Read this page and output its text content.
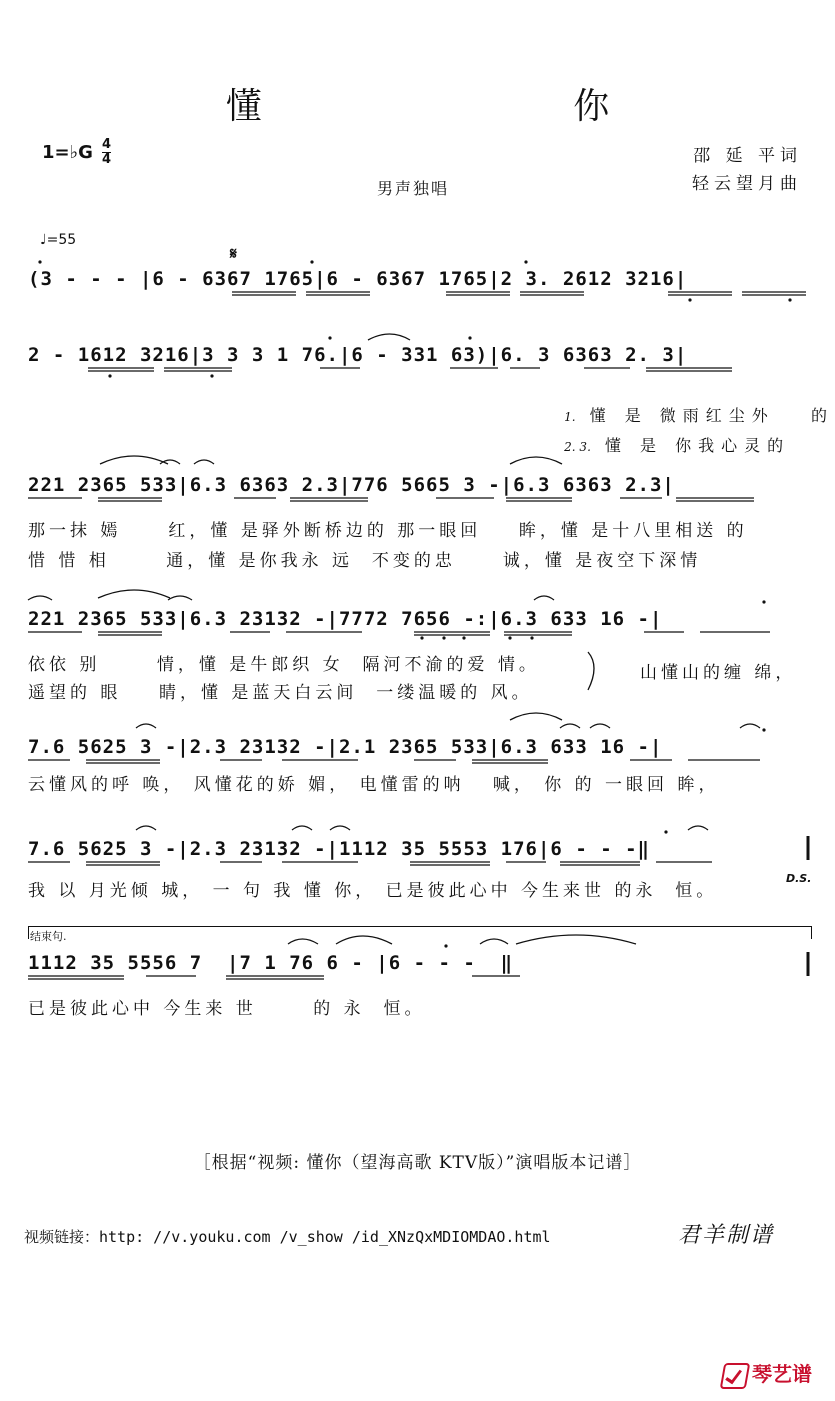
懂 你
1=♭G 4
4	邵 延 平词
轻云望月曲
男声独唱
♩=55
𝄋
(3 - - - |6 - 6367 1765|6 - 6367 1765|2 3. 2612 3216|
2 - 1612 3216|3 3 3 1 76.|6 - 331 63)|6. 3 6363 2. 3|

1. 懂 是 微雨红尘外   的

2. 3. 懂 是 你我心灵的

221 2365 533|6.3 6363 2.3|776 5665 3 -|6.3 6363 2.3|
那一抹 嫣     红，懂 是驿外断桥边的 那一眼回    眸，懂 是十八里相送 的
惜 惜 相      通，懂 是你我永 远  不变的忠     诚，懂 是夜空下深情
221 2365 533|6.3 23132 -|7772 7656 -:|6.3 633 16 -|
依依 别      情，懂 是牛郎织 女  隔河不渝的爱 情。
遥望的 眼    睛，懂 是蓝天白云间  一缕温暖的 风。
山懂山的缠 绵，
7.6 5625 3 -|2.3 23132 -|2.1 2365 533|6.3 633 16 -|
云懂风的呼 唤， 风懂花的娇 媚， 电懂雷的呐   喊， 你 的 一眼回 眸，
7.6 5625 3 -|2.3 23132 -|1112 35 5553 176|6 - - -‖
我 以 月光倾 城， 一 句 我 懂 你， 已是彼此心中 今生来世 的永  恒。
D.S.
结束句.
1112 35 5556 7  |7 1 76 6 - |6 - - -  ‖
已是彼此心中 今生来 世      的 永  恒。
［根据“视频: 懂你（望海高歌 KTV版）”演唱版本记谱］
视频链接：http: //v.youku.com /v_show /id_XNzQxMDIOMDAO.html	君羊制谱
琴艺谱
